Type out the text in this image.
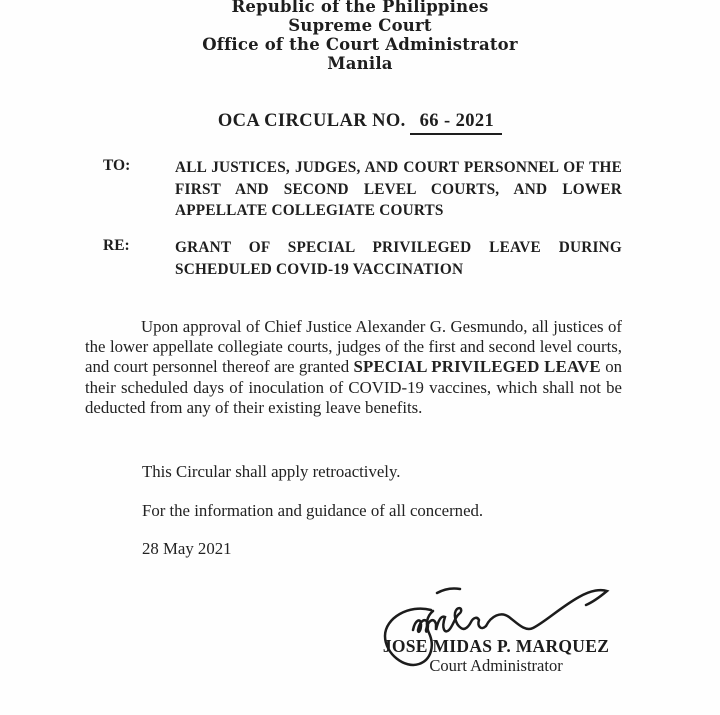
Republic of the Philippines
Supreme Court
Office of the Court Administrator
Manila
OCA CIRCULAR NO. 66 - 2021
TO:	ALL JUSTICES, JUDGES, AND COURT PERSONNEL OF THE FIRST AND SECOND LEVEL COURTS, AND LOWER APPELLATE COLLEGIATE COURTS
RE:	GRANT OF SPECIAL PRIVILEGED LEAVE DURING SCHEDULED COVID-19 VACCINATION
Upon approval of Chief Justice Alexander G. Gesmundo, all justices of the lower appellate collegiate courts, judges of the first and second level courts, and court personnel thereof are granted SPECIAL PRIVILEGED LEAVE on their scheduled days of inoculation of COVID-19 vaccines, which shall not be deducted from any of their existing leave benefits.
This Circular shall apply retroactively.
For the information and guidance of all concerned.
28 May 2021
JOSE MIDAS P. MARQUEZ
Court Administrator
